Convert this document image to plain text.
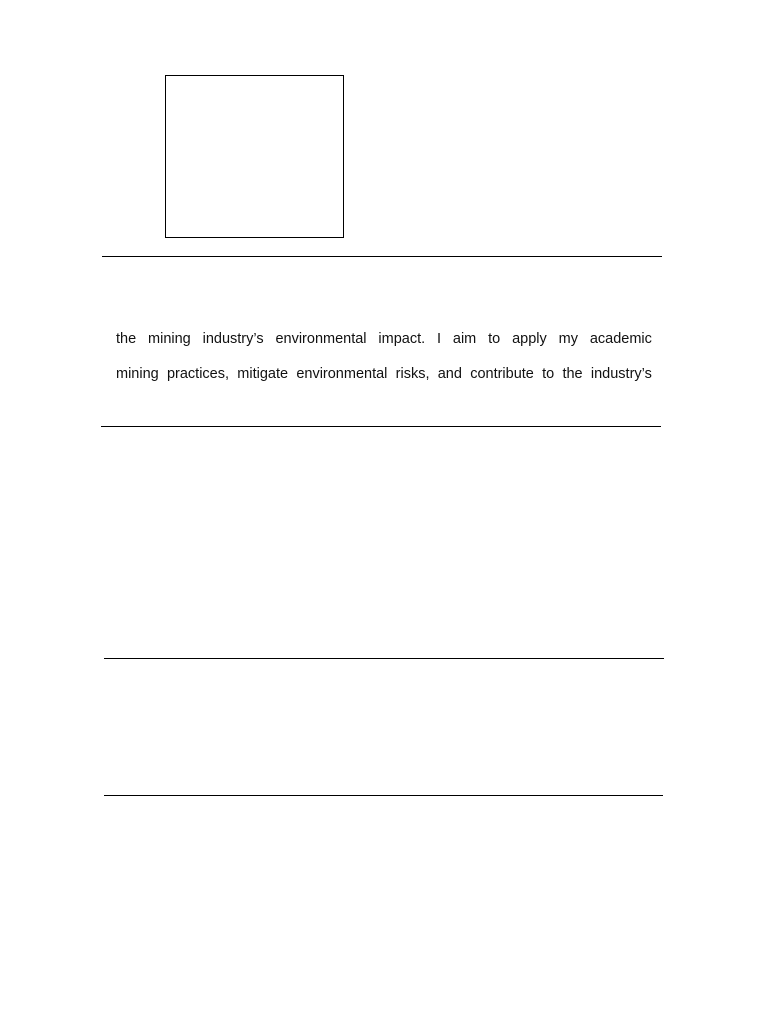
the mining industry’s environmental impact. I aim to apply my academic
mining practices, mitigate environmental risks, and contribute to the industry’s
